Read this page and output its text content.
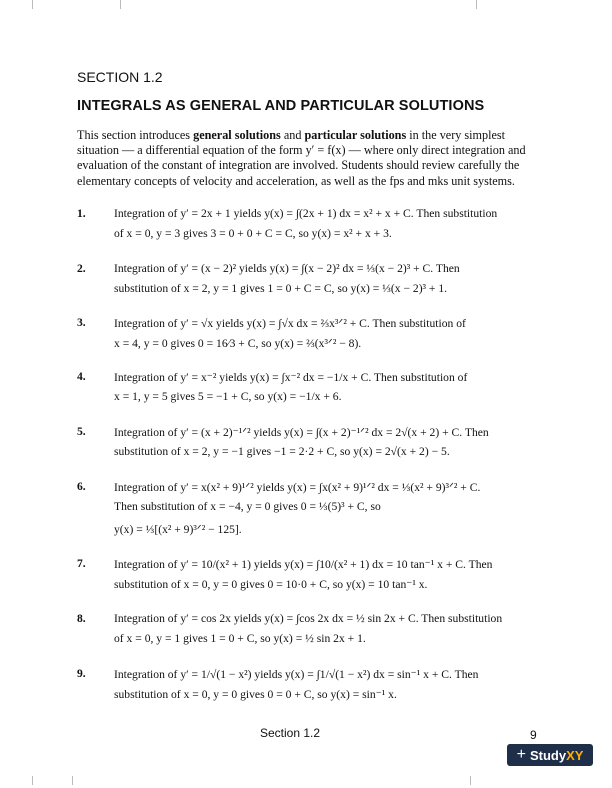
SECTION 1.2
INTEGRALS AS GENERAL AND PARTICULAR SOLUTIONS
This section introduces general solutions and particular solutions in the very simplest situation — a differential equation of the form y′ = f(x) — where only direct integration and evaluation of the constant of integration are involved. Students should review carefully the elementary concepts of velocity and acceleration, as well as the fps and mks unit systems.
1. Integration of y′ = 2x + 1 yields y(x) = ∫(2x + 1) dx = x² + x + C. Then substitution
of x = 0, y = 3 gives 3 = 0 + 0 + C = C, so y(x) = x² + x + 3.
2. Integration of y′ = (x − 2)² yields y(x) = ∫(x − 2)² dx = ⅓(x − 2)³ + C. Then
substitution of x = 2, y = 1 gives 1 = 0 + C = C, so y(x) = ⅓(x − 2)³ + 1.
3. Integration of y′ = √x yields y(x) = ∫√x dx = ⅔x³ᐟ² + C. Then substitution of
x = 4, y = 0 gives 0 = 16⁄3 + C, so y(x) = ⅔(x³ᐟ² − 8).
4. Integration of y′ = x⁻² yields y(x) = ∫x⁻² dx = −1/x + C. Then substitution of
x = 1, y = 5 gives 5 = −1 + C, so y(x) = −1/x + 6.
5. Integration of y′ = (x + 2)⁻¹ᐟ² yields y(x) = ∫(x + 2)⁻¹ᐟ² dx = 2√(x + 2) + C. Then
substitution of x = 2, y = −1 gives −1 = 2·2 + C, so y(x) = 2√(x + 2) − 5.
6. Integration of y′ = x(x² + 9)¹ᐟ² yields y(x) = ∫x(x² + 9)¹ᐟ² dx = ⅓(x² + 9)³ᐟ² + C.
Then substitution of x = −4, y = 0 gives 0 = ⅓(5)³ + C, so
y(x) = ⅓[(x² + 9)³ᐟ² − 125].
7. Integration of y′ = 10/(x² + 1) yields y(x) = ∫10/(x² + 1) dx = 10 tan⁻¹ x + C. Then
substitution of x = 0, y = 0 gives 0 = 10·0 + C, so y(x) = 10 tan⁻¹ x.
8. Integration of y′ = cos 2x yields y(x) = ∫cos 2x dx = ½ sin 2x + C. Then substitution
of x = 0, y = 1 gives 1 = 0 + C, so y(x) = ½ sin 2x + 1.
9. Integration of y′ = 1/√(1 − x²) yields y(x) = ∫1/√(1 − x²) dx = sin⁻¹ x + C. Then
substitution of x = 0, y = 0 gives 0 = 0 + C, so y(x) = sin⁻¹ x.
Section 1.2	9
+ Study XY
